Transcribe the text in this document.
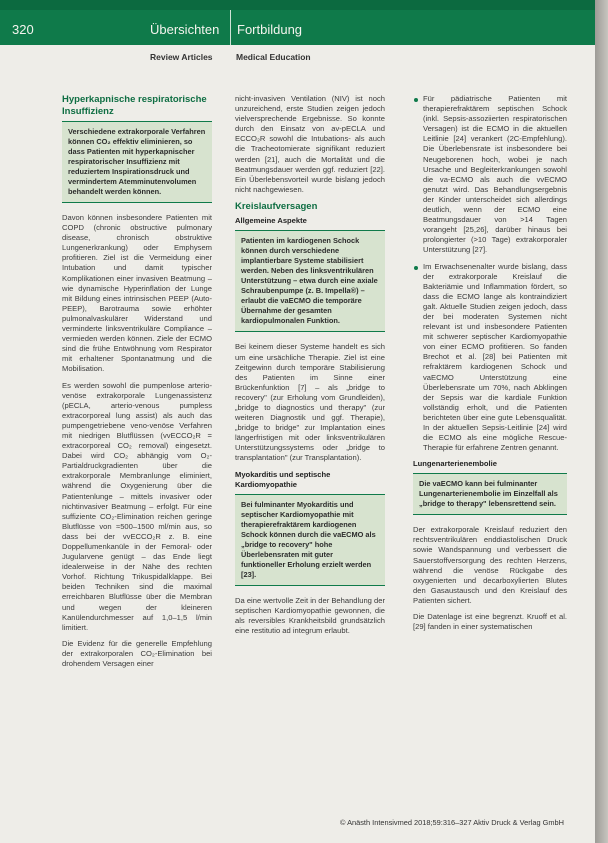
320	Übersichten Fortbildung
Review Articles	Medical Education
Hyperkapnische respiratorische Insuffizienz
Verschiedene extrakorporale Verfahren können CO₂ effektiv eliminieren, so dass Patienten mit hyperkapnischer respiratorischer Insuffizienz mit reduziertem Inspirationsdruck und vermindertem Atemminutenvolumen behandelt werden können.

Davon können insbesondere Patienten mit COPD (chronic obstructive pulmonary disease, chronisch obstruktive Lungenerkrankung) oder Emphysem profitieren. Ziel ist die Vermeidung einer Intubation und damit typischer Komplikationen einer invasiven Beatmung – wie dynamische Hyperinflation der Lunge mit Bildung eines intrinsischen PEEP (Auto-PEEP), Barotrauma sowie erhöhter pulmonalvaskulärer Widerstand und verminderte linksventrikuläre Compliance – vermieden werden können. Ziele der ECMO sind die frühe Entwöhnung vom Respirator mit erhaltener Spontanatmung und die Mobilisation.

Es werden sowohl die pumpenlose arterio-venöse extrakorporale Lungenassistenz (pECLA, arterio-venous pumpless extracorporeal lung assist) als auch das pumpengetriebene veno-venöse Verfahren mit niedrigen Blutflüssen (vvECCO₂R = extracorporeal CO₂ removal) eingesetzt. Dabei wird CO₂ abhängig vom O₂-Partialdruckgradienten über die extrakorporale Membranlunge eliminiert, während die Oxygenierung über die Patientenlunge – mittels invasiver oder nichtinvasiver Beatmung – erfolgt. Für eine suffiziente CO₂-Elimination reichen geringe Blutflüsse von ≈500–1500 ml/min aus, so dass bei der vvECCO₂R z. B. eine Doppellumenkanüle in der Femoral- oder Jugularvene genügt – das Ende liegt idealerweise in der Nähe des rechten Vorhof. Richtung Trikuspidalklappe. Bei beiden Techniken sind die maximal erreichbaren Blutflüsse über die Membran und wegen der kleineren Kanülendurchmesser auf 1,0–1,5 l/min limitiert.

Die Evidenz für die generelle Empfehlung der extrakorporalen CO₂-Elimination bei drohendem Versagen einer

nicht-invasiven Ventilation (NIV) ist noch unzureichend, erste Studien zeigen jedoch vielversprechende Ergebnisse. So konnte durch den Einsatz von av-pECLA und ECCO₂R sowohl die Intubations- als auch die Tracheotomierate signifikant reduziert werden [21], auch die Mortalität und die Beatmungsdauer werden ggf. reduziert [22]. Ein Überlebensvorteil wurde bislang jedoch nicht nachgewiesen.

Kreislaufversagen
Allgemeine Aspekte
Patienten im kardiogenen Schock können durch verschiedene implantierbare Systeme stabilisiert werden. Neben des linksventrikulären Unterstützung – etwa durch eine axiale Schraubenpumpe (z. B. Impella®) – erlaubt die vaECMO die temporäre Übernahme der gesamten kardiopulmonalen Funktion.

Bei keinem dieser Systeme handelt es sich um eine ursächliche Therapie. Ziel ist eine Zeitgewinn durch temporäre Stabilisierung des Patienten im Sinne einer Brückenfunktion [7] – als „bridge to recovery" (zur Erholung vom Grundleiden), „bridge to diagnostics und therapy" (zur weiteren Diagnostik und ggf. Therapie), „bridge to bridge" zur Implantation eines längerfristigen mit oder linksventrikulären Unterstützungssystems oder „bridge to transplantation" (zur Transplantation).

Myokarditis und septische Kardiomyopathie
Bei fulminanter Myokarditis und septischer Kardiomyopathie mit therapierefraktärem kardiogenen Schock können durch die vaECMO als „bridge to recovery" hohe Überlebensraten mit guter funktioneller Erholung erzielt werden [23].

Da eine wertvolle Zeit in der Behandlung der septischen Kardiomyopathie gewonnen, die als reversibles Krankheitsbild grundsätzlich eine restitutio ad integrum erlaubt.

Für pädiatrische Patienten mit therapierefraktärem septischen Schock (inkl. Sepsis-assoziierten respiratorischen Versagen) ist die ECMO in die aktuellen Leitlinie [24] verankert (2C-Empfehlung). Die Überlebensrate ist insbesondere bei Neugeborenen hoch, wobei je nach Ursache und Begleiterkrankungen sowohl die va-ECMO als auch die vvECMO genutzt wird. Das Behandlungsergebnis der Kinder unterscheidet sich allerdings deutlich, wenn der ECMO eine Beatmungsdauer von >14 Tagen vorangeht [25,26], darüber hinaus bei prolongierter (>10 Tage) extrakorporaler Unterstützung [27].
Im Erwachsenenalter wurde bislang, dass der extrakorporale Kreislauf die Bakteriämie und Inflammation fördert, so dass die ECMO lange als kontraindiziert galt. Aktuelle Studien zeigen jedoch, dass der bei moderaten Systemen nicht relevant ist und insbesondere Patienten mit schwerer septischer Kardiomyopathie von einer ECMO profitieren. So fanden Brechot et al. [28] bei Patienten mit refraktärem kardiogenen Schock und vaECMO Unterstützung eine Überlebensrate um 70%, nach Abklingen der Sepsis war die kardiale Funktion vollständig erholt, und die Patienten berichteten über eine gute Lebensqualität. In der aktuellen Sepsis-Leitlinie [24] wird die ECMO als eine mögliche Rescue-Therapie für erfahrene Zentren genannt.
Lungenarterienembolie
Die vaECMO kann bei fulminanter Lungenarterienembolie im Einzelfall als „bridge to therapy" lebensrettend sein.

Der extrakorporale Kreislauf reduziert den rechtsventrikulären enddiastolischen Druck sowie Wandspannung und verbessert die Sauerstoffversorgung des rechten Herzens, während die venöse Rückgabe des oxygenierten und decarboxylierten Blutes den Gasaustausch und den Kreislauf des Patienten sichert.

Die Datenlage ist eine begrenzt. Kruoff et al. [29] fanden in einer systematischen

© Anästh Intensivmed 2018;59:316–327 Aktiv Druck & Verlag GmbH
